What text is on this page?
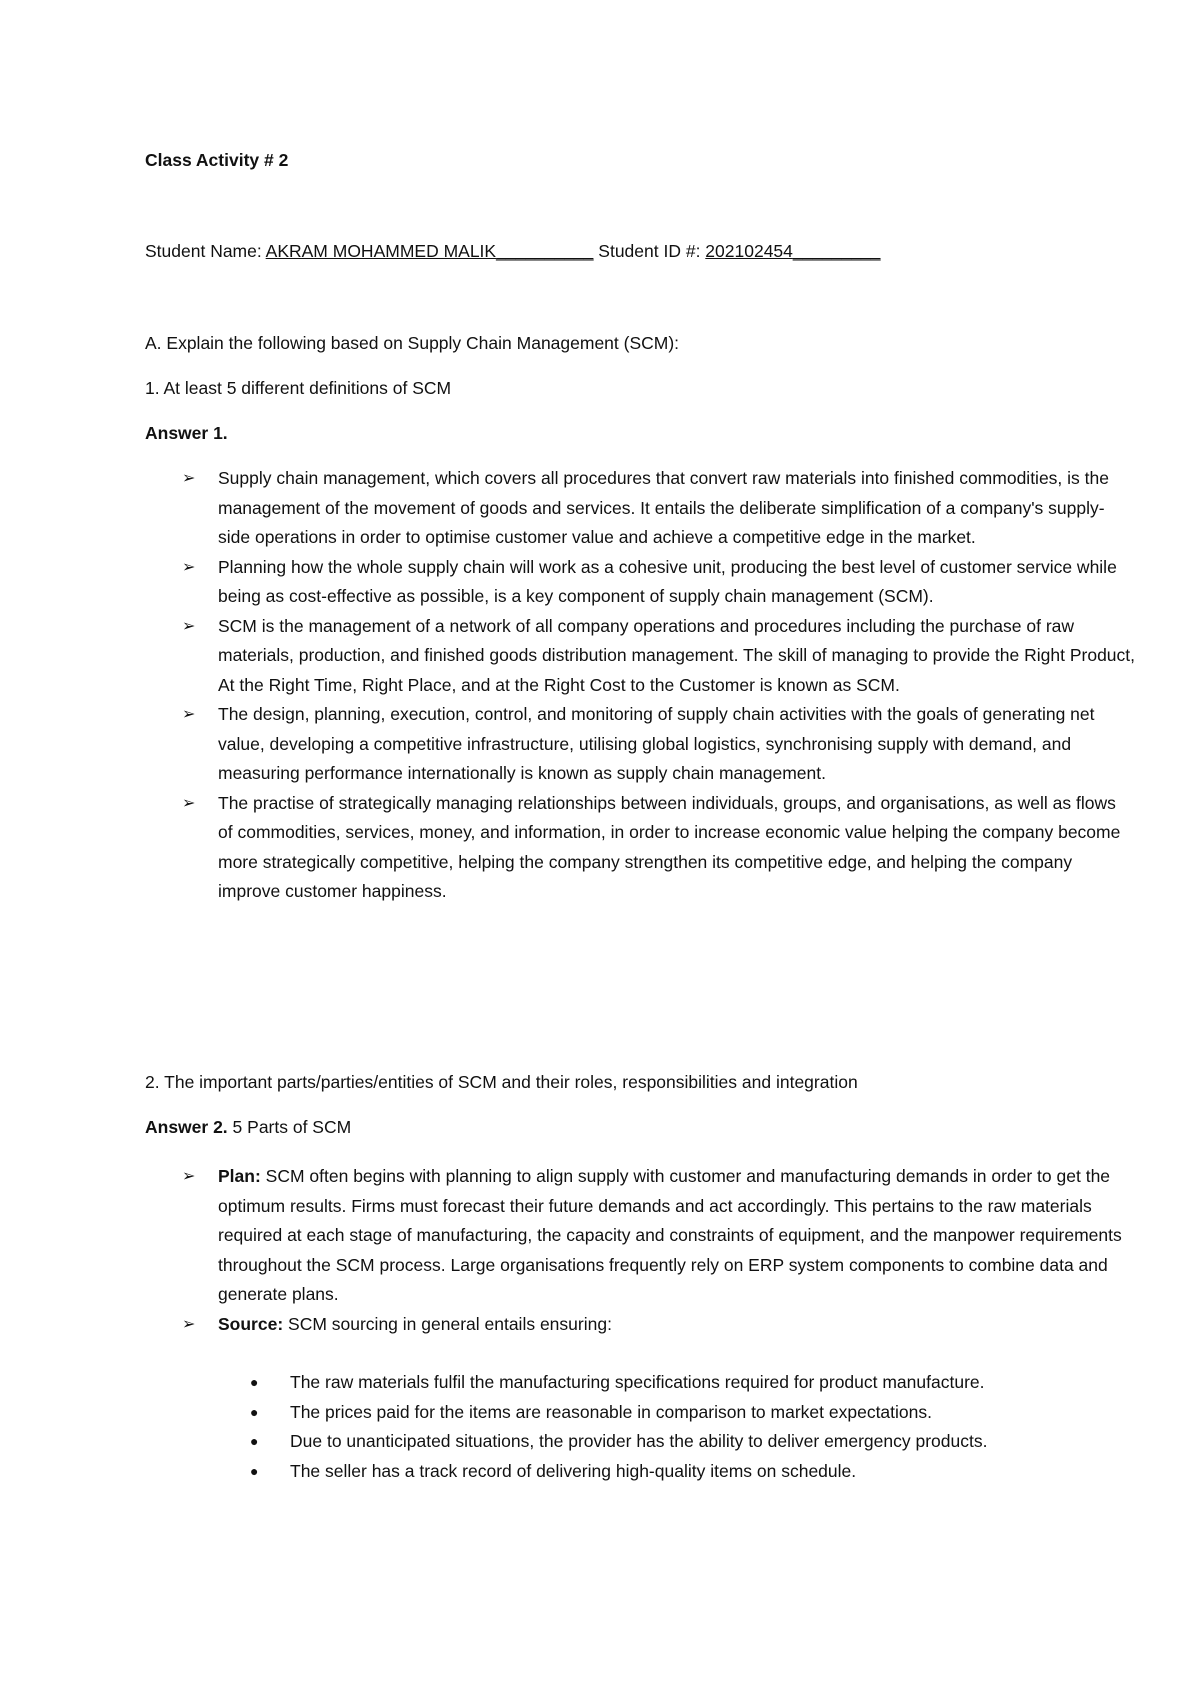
Class Activity # 2

Student Name: AKRAM MOHAMMED MALIK__________ Student ID #: 202102454_________

A. Explain the following based on Supply Chain Management (SCM):

1. At least 5 different definitions of SCM

Answer 1.

➢ Supply chain management, which covers all procedures that convert raw materials into finished commodities, is the management of the movement of goods and services. It entails the deliberate simplification of a company's supply-side operations in order to optimise customer value and achieve a competitive edge in the market.
➢ Planning how the whole supply chain will work as a cohesive unit, producing the best level of customer service while being as cost-effective as possible, is a key component of supply chain management (SCM).
➢ SCM is the management of a network of all company operations and procedures including the purchase of raw materials, production, and finished goods distribution management. The skill of managing to provide the Right Product, At the Right Time, Right Place, and at the Right Cost to the Customer is known as SCM.
➢ The design, planning, execution, control, and monitoring of supply chain activities with the goals of generating net value, developing a competitive infrastructure, utilising global logistics, synchronising supply with demand, and measuring performance internationally is known as supply chain management.
➢ The practise of strategically managing relationships between individuals, groups, and organisations, as well as flows of commodities, services, money, and information, in order to increase economic value helping the company become more strategically competitive, helping the company strengthen its competitive edge, and helping the company improve customer happiness.

2. The important parts/parties/entities of SCM and their roles, responsibilities and integration

Answer 2. 5 Parts of SCM

➢ Plan: SCM often begins with planning to align supply with customer and manufacturing demands in order to get the optimum results. Firms must forecast their future demands and act accordingly. This pertains to the raw materials required at each stage of manufacturing, the capacity and constraints of equipment, and the manpower requirements throughout the SCM process. Large organisations frequently rely on ERP system components to combine data and generate plans.
➢ Source: SCM sourcing in general entails ensuring:
● The raw materials fulfil the manufacturing specifications required for product manufacture.
● The prices paid for the items are reasonable in comparison to market expectations.
● Due to unanticipated situations, the provider has the ability to deliver emergency products.
● The seller has a track record of delivering high-quality items on schedule.
